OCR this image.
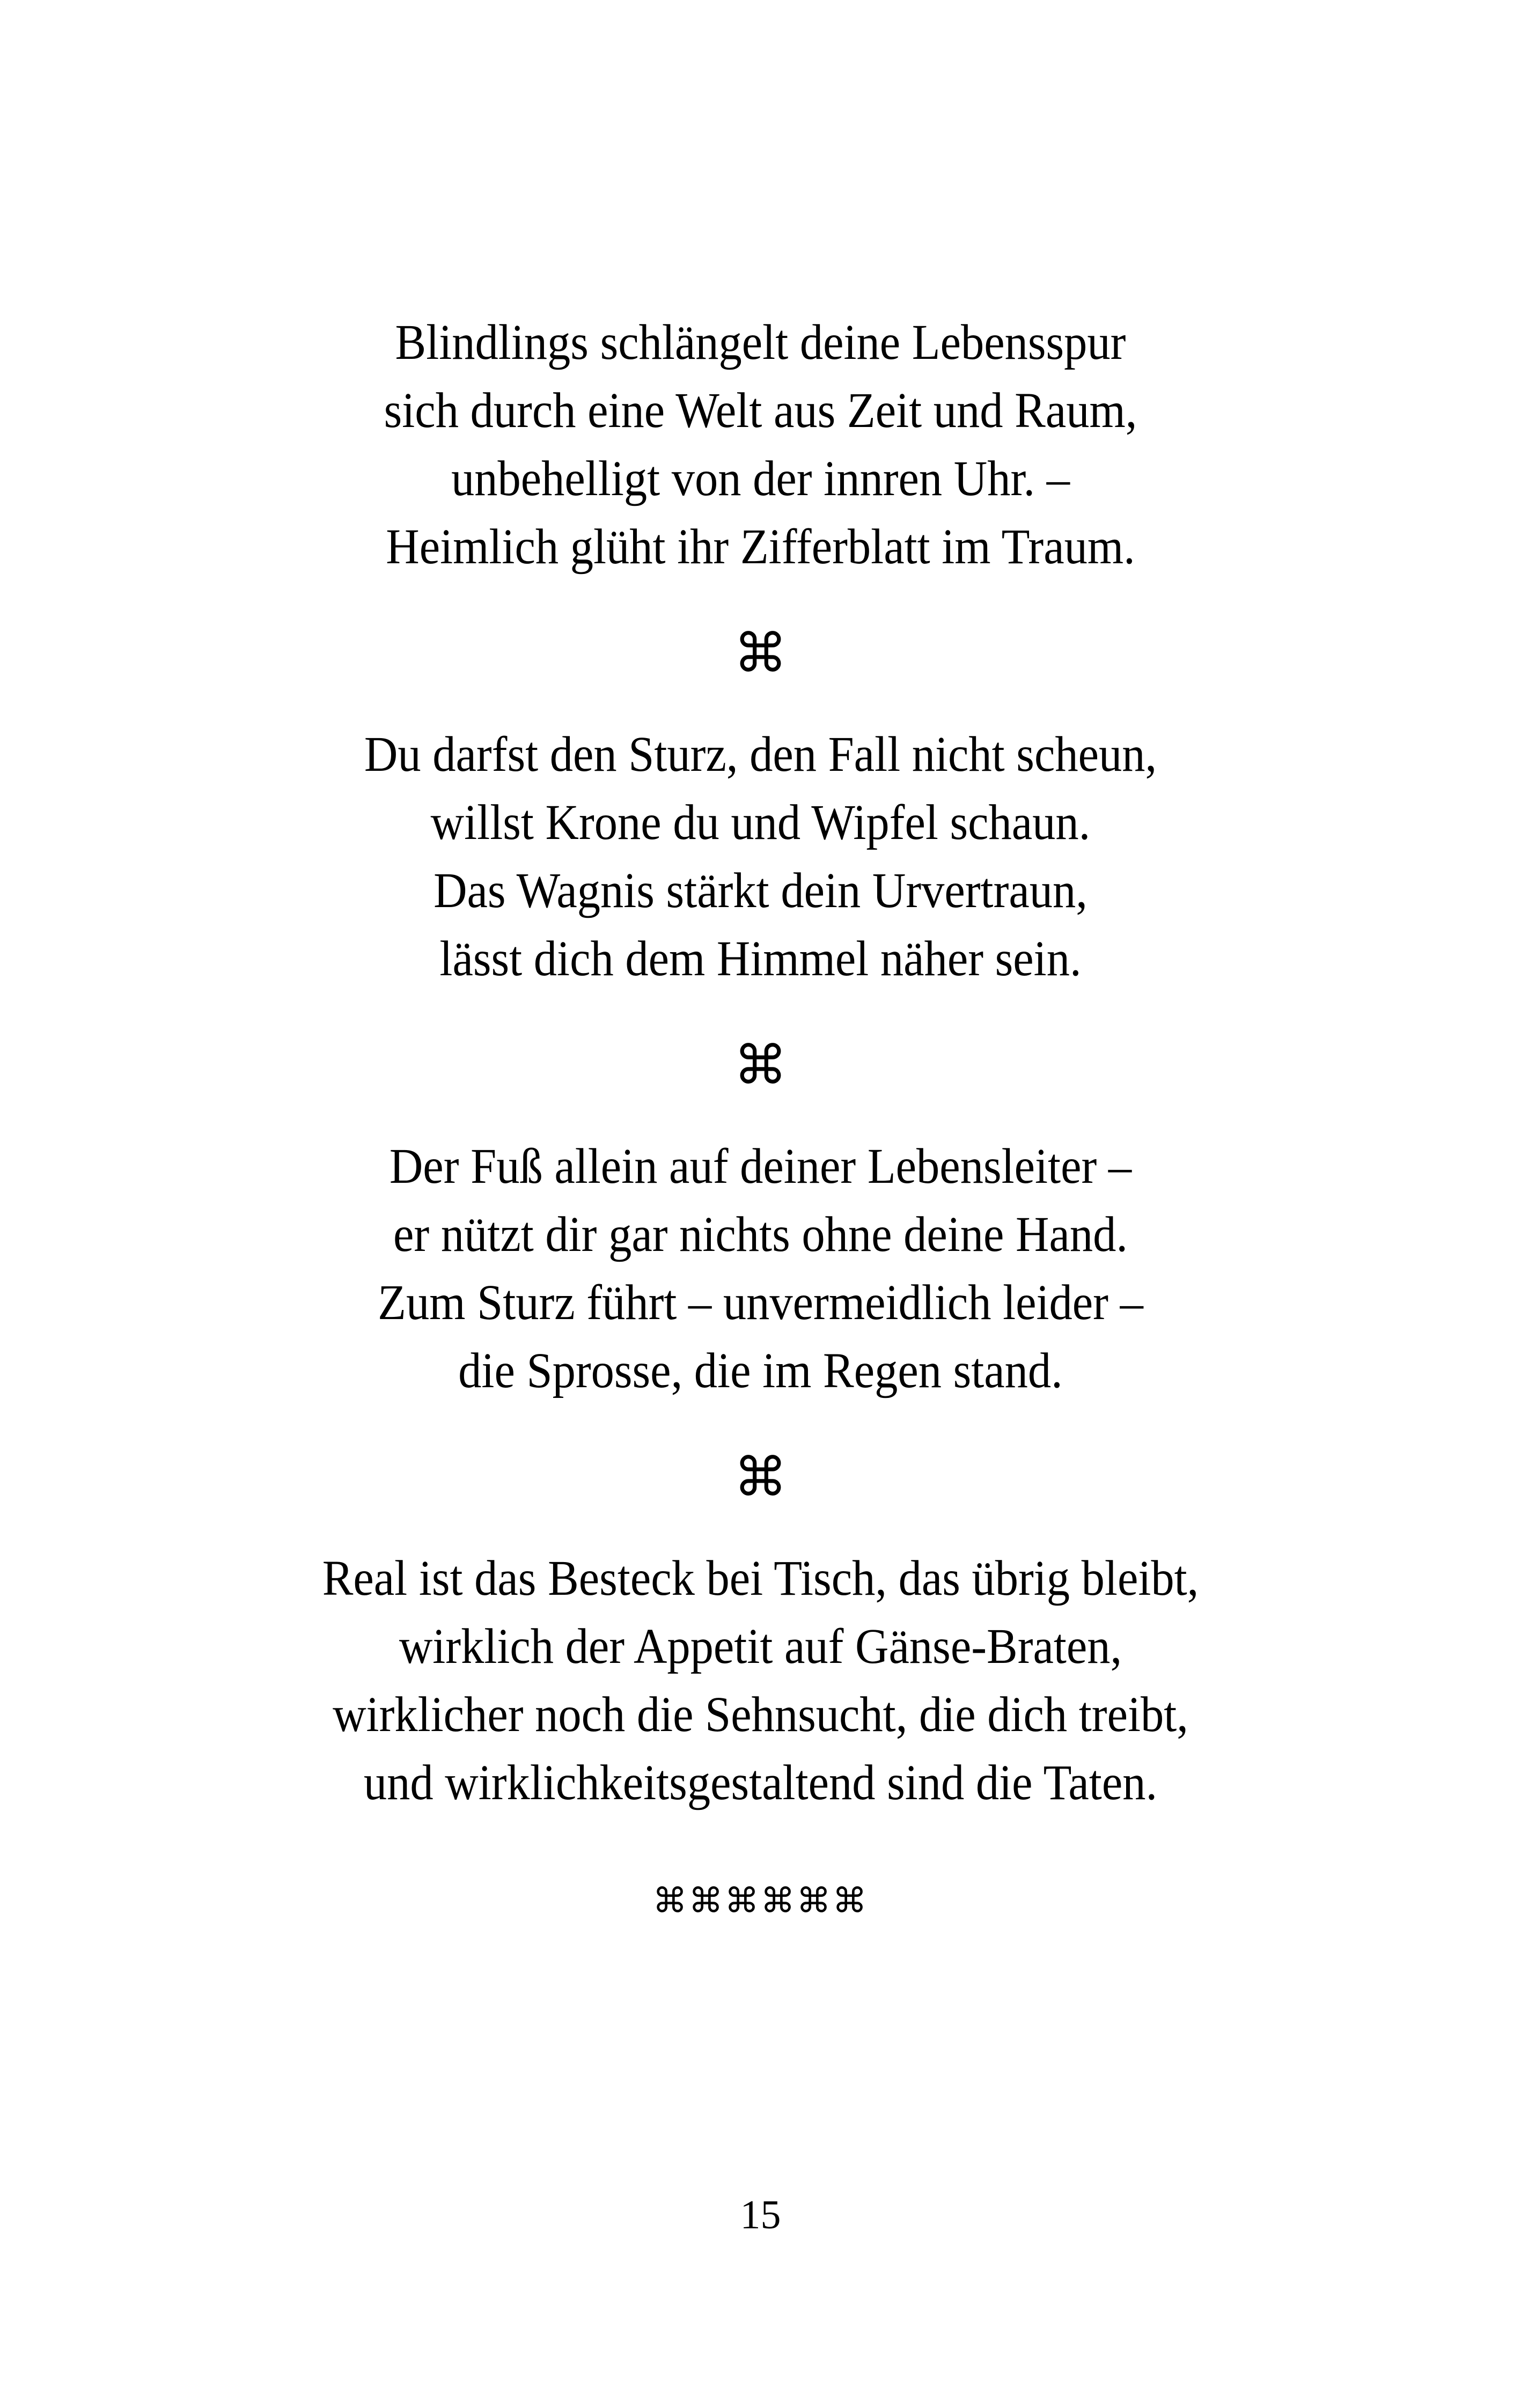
Blindlings schlängelt deine Lebensspur
sich durch eine Welt aus Zeit und Raum,
unbehelligt von der innren Uhr. –
Heimlich glüht ihr Zifferblatt im Traum.
⌘
Du darfst den Sturz, den Fall nicht scheun,
willst Krone du und Wipfel schaun.
Das Wagnis stärkt dein Urvertraun,
lässt dich dem Himmel näher sein.
⌘
Der Fuß allein auf deiner Lebensleiter –
er nützt dir gar nichts ohne deine Hand.
Zum Sturz führt – unvermeidlich leider –
die Sprosse, die im Regen stand.
⌘
Real ist das Besteck bei Tisch, das übrig bleibt,
wirklich der Appetit auf Gänse-Braten,
wirklicher noch die Sehnsucht, die dich treibt,
und wirklichkeitsgestaltend sind die Taten.
⌘⌘⌘⌘⌘⌘
15
